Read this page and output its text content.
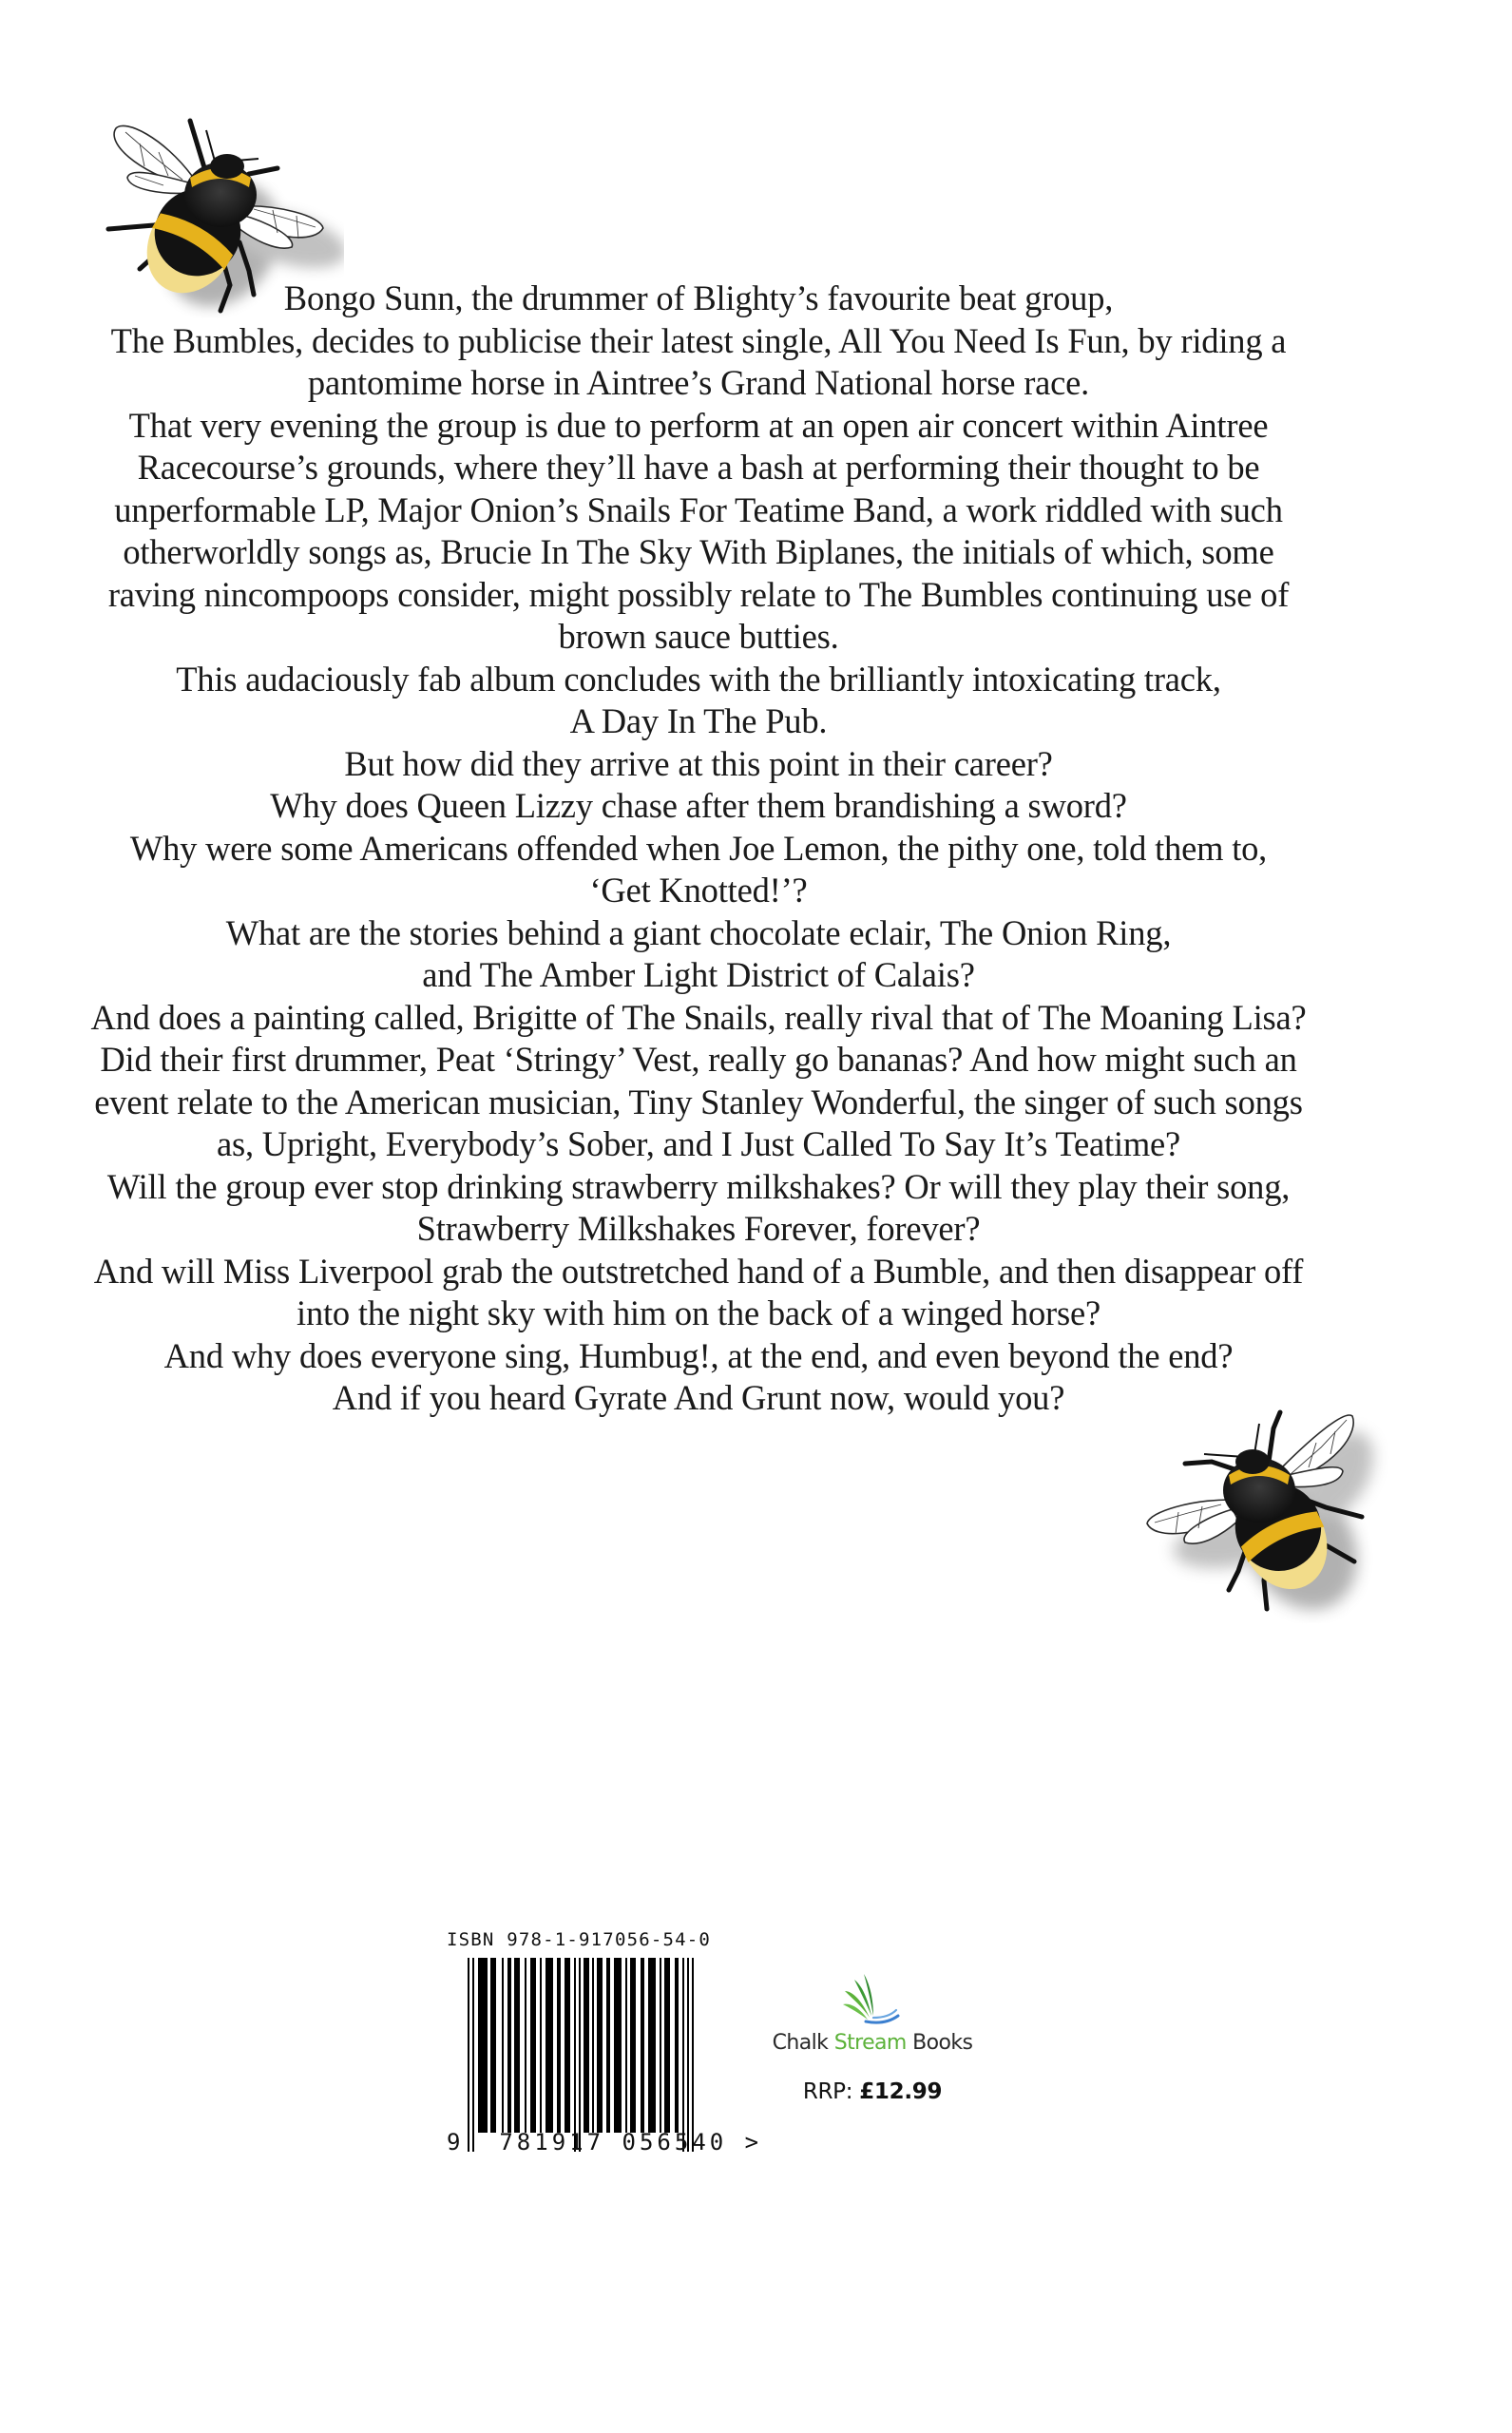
Bongo Sunn, the drummer of Blighty’s favourite beat group,
The Bumbles, decides to publicise their latest single, All You Need Is Fun, by riding a
pantomime horse in Aintree’s Grand National horse race.
That very evening the group is due to perform at an open air concert within Aintree
Racecourse’s grounds, where they’ll have a bash at performing their thought to be
unperformable LP, Major Onion’s Snails For Teatime Band, a work riddled with such
otherworldly songs as, Brucie In The Sky With Biplanes, the initials of which, some
raving nincompoops consider, might possibly relate to The Bumbles continuing use of
brown sauce butties.
This audaciously fab album concludes with the brilliantly intoxicating track,
A Day In The Pub.
But how did they arrive at this point in their career?
Why does Queen Lizzy chase after them brandishing a sword?
Why were some Americans offended when Joe Lemon, the pithy one, told them to,
‘Get Knotted!’?
What are the stories behind a giant chocolate eclair, The Onion Ring,
and The Amber Light District of Calais?
And does a painting called, Brigitte of The Snails, really rival that of The Moaning Lisa?
Did their first drummer, Peat ‘Stringy’ Vest, really go bananas? And how might such an
event relate to the American musician, Tiny Stanley Wonderful, the singer of such songs
as, Upright, Everybody’s Sober, and I Just Called To Say It’s Teatime?
Will the group ever stop drinking strawberry milkshakes? Or will they play their song,
Strawberry Milkshakes Forever, forever?
And will Miss Liverpool grab the outstretched hand of a Bumble, and then disappear off
into the night sky with him on the back of a winged horse?
And why does everyone sing, Humbug!, at the end, and even beyond the end?
And if you heard Gyrate And Grunt now, would you?
ISBN 978-1-917056-54-0
9 781917 056540 >
Chalk Stream Books
RRP: £12.99
